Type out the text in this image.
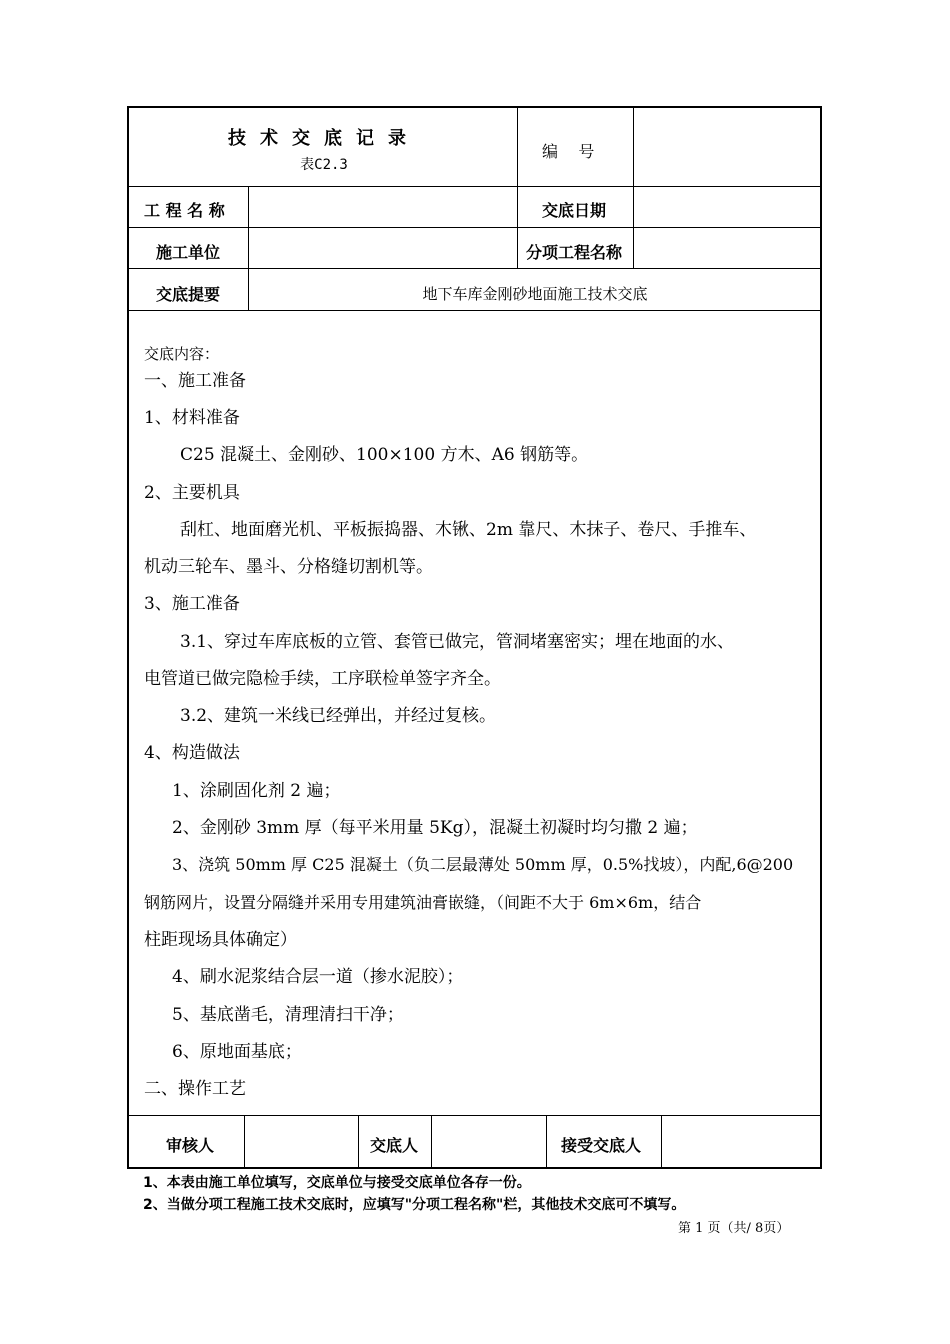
技术交底记录
表C2.3
编    号
工 程 名 称	交底日期
施工单位	分项工程名称
交底提要	地下车库金刚砂地面施工技术交底
交底内容：
一、施工准备
1、材料准备
C25 混凝土、金刚砂、100×100 方木、A6 钢筋等。
2、主要机具
刮杠、地面磨光机、平板振捣器、木锹、2m 靠尺、木抹子、卷尺、手推车、
机动三轮车、墨斗、分格缝切割机等。
3、施工准备
3.1、穿过车库底板的立管、套管已做完，管洞堵塞密实；埋在地面的水、
电管道已做完隐检手续，工序联检单签字齐全。
3.2、建筑一米线已经弹出，并经过复核。
4、构造做法
1、涂刷固化剂 2 遍；
2、金刚砂 3mm 厚（每平米用量 5Kg），混凝土初凝时均匀撒 2 遍；
3、浇筑 50mm 厚 C25 混凝土（负二层最薄处 50mm 厚，0.5%找坡），内配,6@200
钢筋网片，设置分隔缝并采用专用建筑油膏嵌缝，（间距不大于 6m×6m，结合
柱距现场具体确定）
4、刷水泥浆结合层一道（掺水泥胶）；
5、基底凿毛，清理清扫干净；
6、原地面基底；
二、操作工艺
审核人	交底人	接受交底人
1、本表由施工单位填写，交底单位与接受交底单位各存一份。
2、当做分项工程施工技术交底时，应填写"分项工程名称"栏，其他技术交底可不填写。
第 1 页（共/ 8页）
